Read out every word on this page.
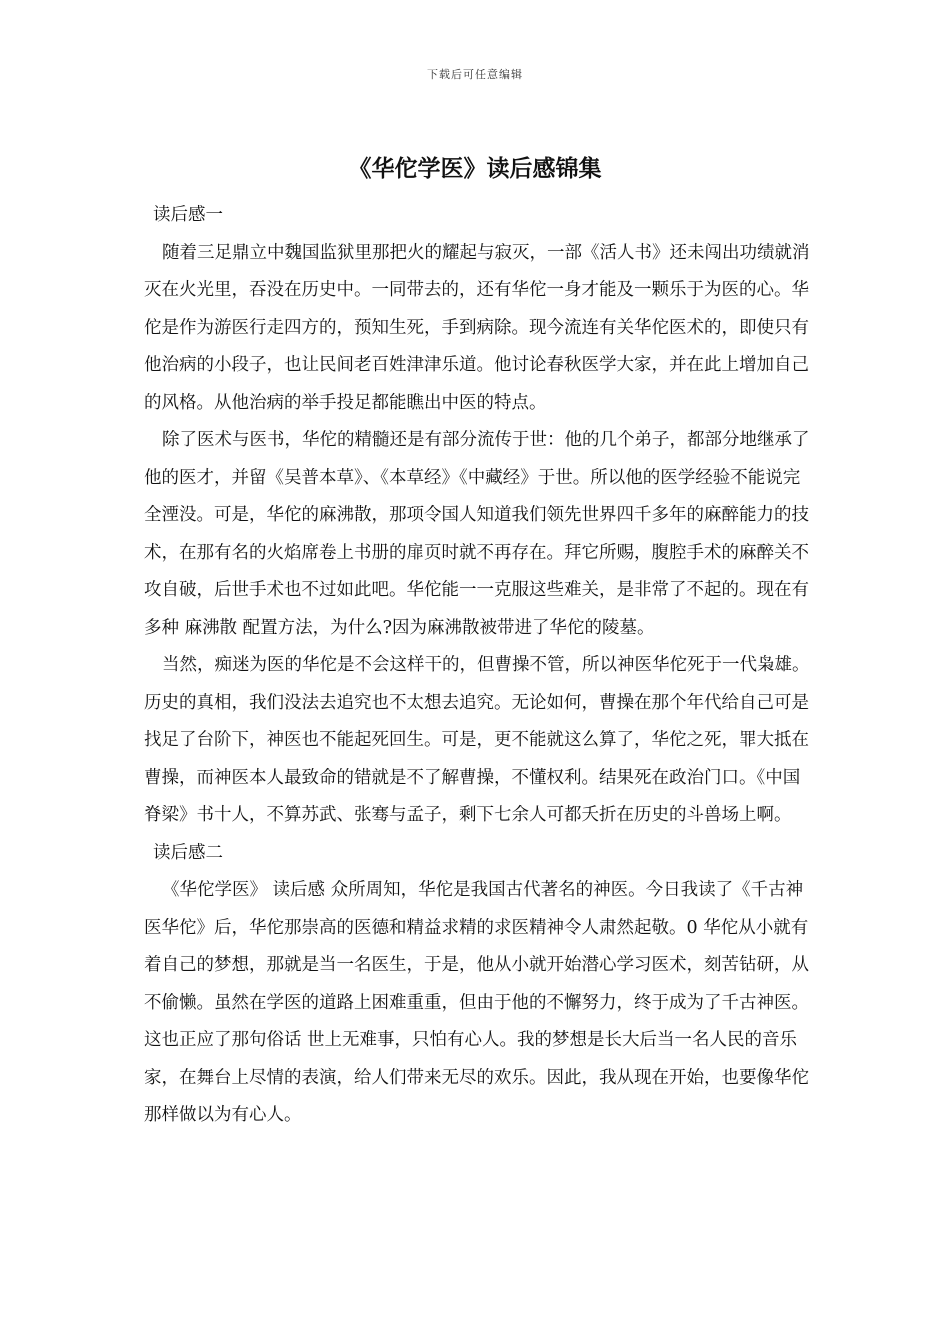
下载后可任意编辑
《华佗学医》读后感锦集
读后感一
随着三足鼎立中魏国监狱里那把火的耀起与寂灭，一部《活人书》还未闯出功绩就消灭在火光里，吞没在历史中。一同带去的，还有华佗一身才能及一颗乐于为医的心。华佗是作为游医行走四方的，预知生死，手到病除。现今流连有关华佗医术的，即使只有他治病的小段子，也让民间老百姓津津乐道。他讨论春秋医学大家，并在此上增加自己的风格。从他治病的举手投足都能瞧出中医的特点。
除了医术与医书，华佗的精髓还是有部分流传于世：他的几个弟子，都部分地继承了他的医才，并留《吴普本草》、《本草经》《中藏经》于世。所以他的医学经验不能说完全湮没。可是，华佗的麻沸散，那项令国人知道我们领先世界四千多年的麻醉能力的技术，在那有名的火焰席卷上书册的扉页时就不再存在。拜它所赐，腹腔手术的麻醉关不攻自破，后世手术也不过如此吧。华佗能一一克服这些难关，是非常了不起的。现在有多种 麻沸散 配置方法，为什么?因为麻沸散被带进了华佗的陵墓。
当然，痴迷为医的华佗是不会这样干的，但曹操不管，所以神医华佗死于一代枭雄。历史的真相，我们没法去追究也不太想去追究。无论如何，曹操在那个年代给自己可是找足了台阶下，神医也不能起死回生。可是，更不能就这么算了，华佗之死，罪大抵在曹操，而神医本人最致命的错就是不了解曹操，不懂权利。结果死在政治门口。《中国脊梁》书十人，不算苏武、张骞与孟子，剩下七余人可都夭折在历史的斗兽场上啊。
读后感二
《华佗学医》 读后感 众所周知，华佗是我国古代著名的神医。今日我读了《千古神医华佗》后，华佗那崇高的医德和精益求精的求医精神令人肃然起敬。0 华佗从小就有着自己的梦想，那就是当一名医生，于是，他从小就开始潜心学习医术，刻苦钻研，从不偷懒。虽然在学医的道路上困难重重，但由于他的不懈努力，终于成为了千古神医。这也正应了那句俗话 世上无难事，只怕有心人。我的梦想是长大后当一名人民的音乐家，在舞台上尽情的表演，给人们带来无尽的欢乐。因此，我从现在开始，也要像华佗那样做以为有心人。
